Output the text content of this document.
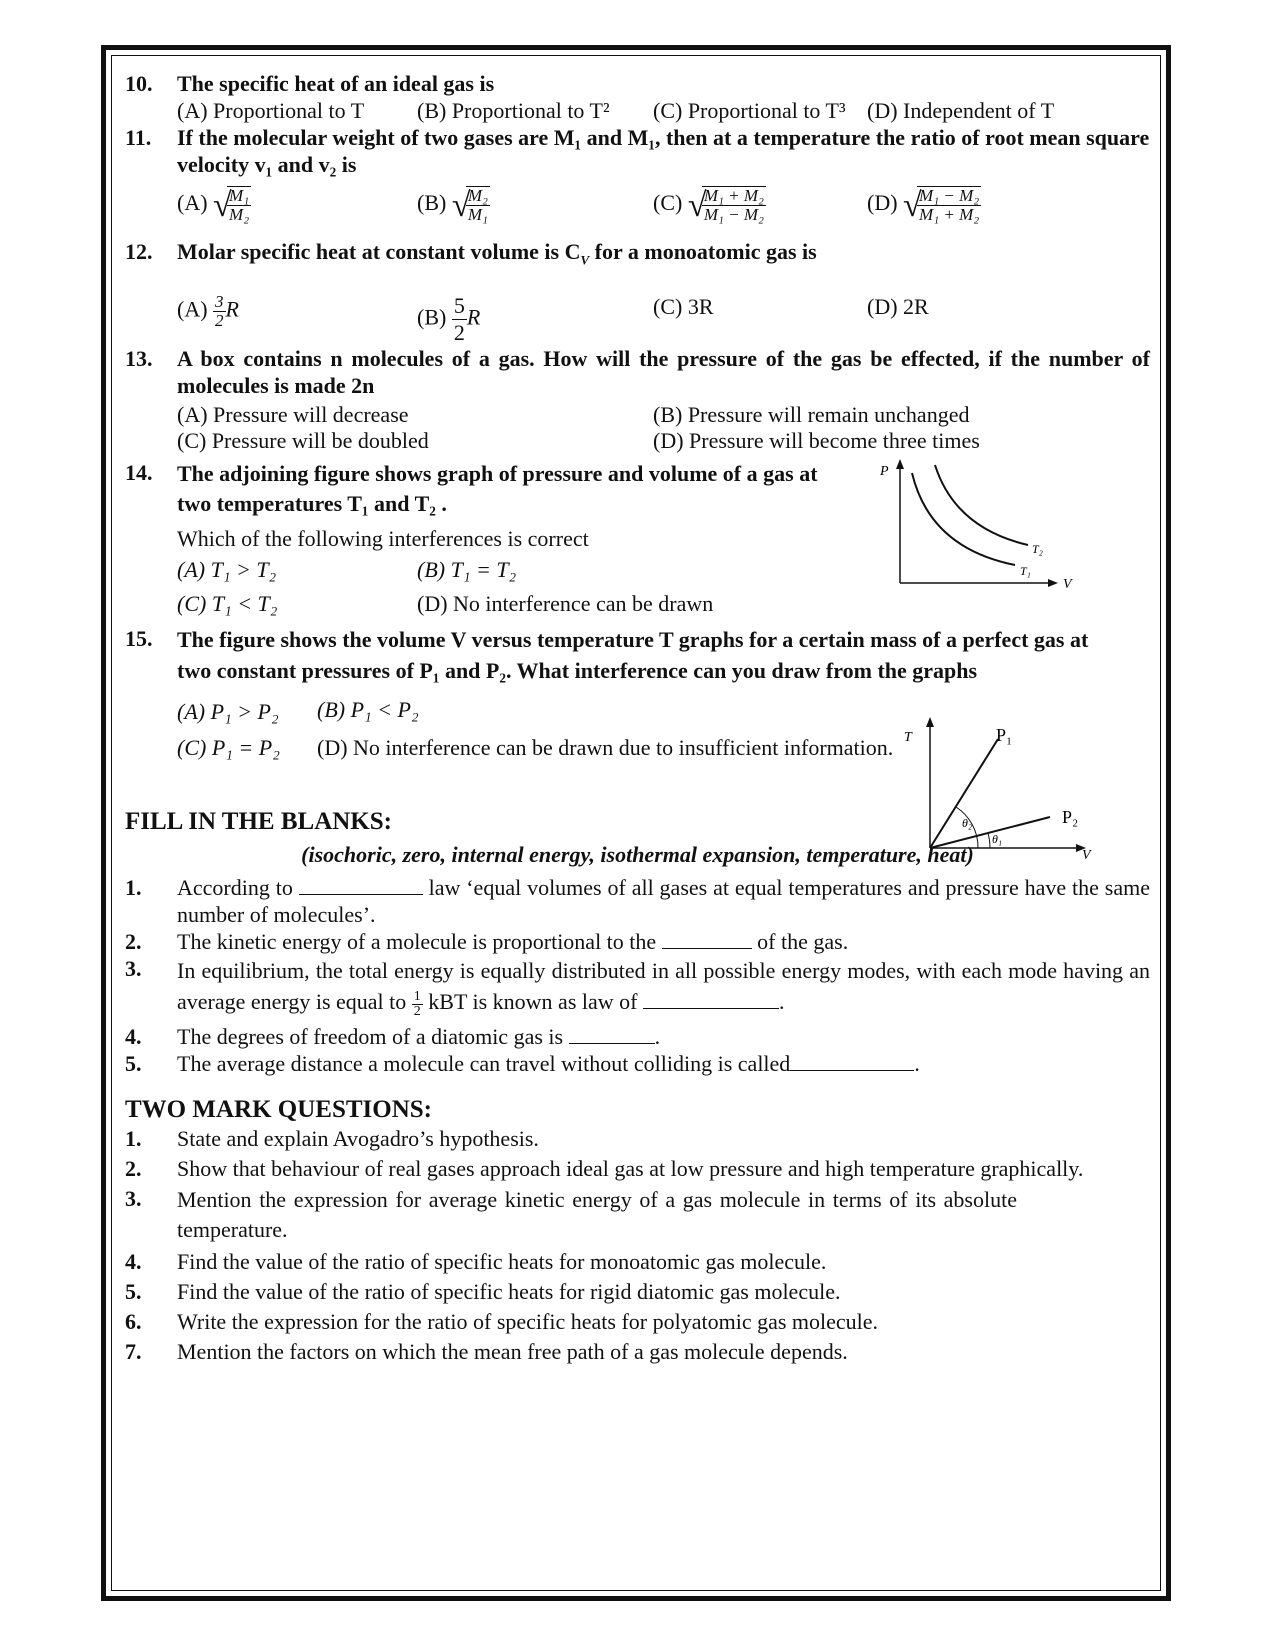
10. The specific heat of an ideal gas is
(A) Proportional to T (B) Proportional to T² (C) Proportional to T³ (D) Independent of T
11. If the molecular weight of two gases are M₁ and M₁, then at a temperature the ratio of root mean square velocity v₁ and v₂ is
(A) √
$\frac{\text{M₁}}{\text{M₂}}$	(B) √
$\frac{\text{M₂}}{\text{M₁}}$	(C) √
$\frac{\text{M₁ + M₂}}{\text{M₁ − M₂}}$	(D) √
$\frac{\text{M₁ − M₂}}{\text{M₁ + M₂}}$
12. Molar specific heat at constant volume is $C_V$ for a monoatomic gas is
$(A) \frac{3}{2}$ R	$(B) \frac{5}{2}$ R	(C) 3R	(D) 2R
13. A box contains n molecules of a gas. How will the pressure of the gas be effected, if the number of molecules is made 2n
(A) Pressure will decrease	(B) Pressure will remain unchanged
(C) Pressure will be doubled	(D) Pressure will become three times
14. The adjoining figure shows graph of pressure and volume of a gas at two temperatures T₁ and T₂ .
Which of the following interferences is correct
(A) T₁ > T₂	(B) T₁ = T₂
(C) T₁ < T₂	(D) No interference can be drawn
P
V
T₂
T₁
15. The figure shows the volume V versus temperature T graphs for a certain mass of a perfect gas at
two constant pressures of P₁ and P₂. What interference can you draw from the graphs
(A) P₁ > P₂ (B) P₁ < P₂
(C) P₁ = P₂ (D) No interference can be drawn due to insufficient information. T
V
P₁
P₂
θ₂
θ₁
FILL IN THE BLANKS:
(isochoric, zero, internal energy, isothermal expansion, temperature, heat)
1. According to	law ‘equal volumes of all gases at equal temperatures and pressure have the same number of molecules’.
2. The kinetic energy of a molecule is proportional to the	of the gas.
3. In equilibrium, the total energy is equally distributed in all possible energy modes, with each mode having an average energy is equal to $\frac{1}{2}$ kBT is known as law of	.
4. The degrees of freedom of a diatomic gas is	.
5. The average distance a molecule can travel without colliding is called	.
TWO MARK QUESTIONS:
1. State and explain Avogadro’s hypothesis.
2. Show that behaviour of real gases approach ideal gas at low pressure and high temperature graphically.
3. Mention the expression for average kinetic energy of a gas molecule in terms of its absolute temperature.
4. Find the value of the ratio of specific heats for monoatomic gas molecule.
5. Find the value of the ratio of specific heats for rigid diatomic gas molecule.
6. Write the expression for the ratio of specific heats for polyatomic gas molecule.
7. Mention the factors on which the mean free path of a gas molecule depends.
